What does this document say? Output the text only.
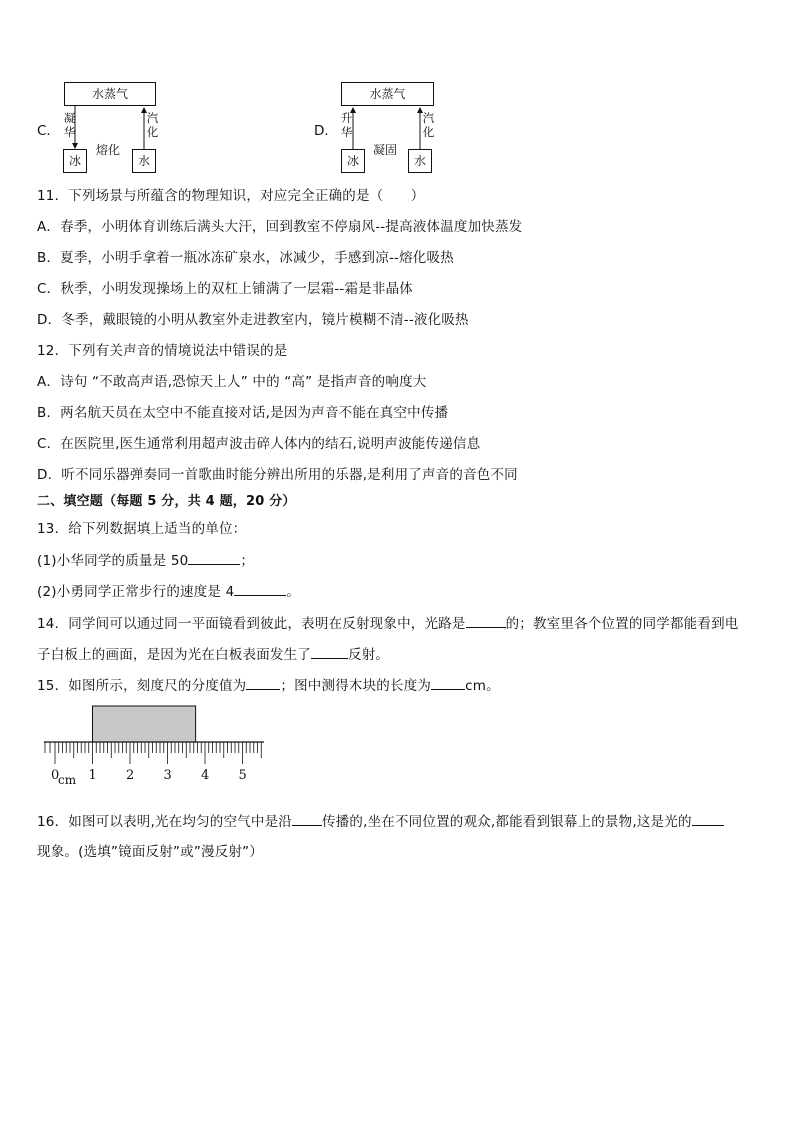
C．
水蒸气
冰	水
凝
华
汽
化
熔化
D．
水蒸气
冰	水
升
华
汽
化
凝固
11．下列场景与所蕴含的物理知识，对应完全正确的是（　　）
A．春季，小明体育训练后满头大汗，回到教室不停扇风--提高液体温度加快蒸发
B．夏季，小明手拿着一瓶冰冻矿泉水，冰减少，手感到凉--熔化吸热
C．秋季，小明发现操场上的双杠上铺满了一层霜--霜是非晶体
D．冬季，戴眼镜的小明从教室外走进教室内，镜片模糊不清--液化吸热
12．下列有关声音的情境说法中错误的是
A．诗句 “不敢高声语,恐惊天上人” 中的 “高” 是指声音的响度大
B．两名航天员在太空中不能直接对话,是因为声音不能在真空中传播
C．在医院里,医生通常利用超声波击碎人体内的结石,说明声波能传递信息
D．听不同乐器弹奏同一首歌曲时能分辨出所用的乐器,是利用了声音的音色不同
二、填空题（每题 5 分，共 4 题，20 分）
13．给下列数据填上适当的单位：
(1)小华同学的质量是 50	；
(2)小勇同学正常步行的速度是 4	。
14．同学间可以通过同一平面镜看到彼此，表明在反射现象中，光路是	的；教室里各个位置的同学都能看到电
子白板上的画面，是因为光在白板表面发生了	反射。
15．如图所示，刻度尺的分度值为	；图中测得木块的长度为	cm。
0 1 2 3 4 5
cm
16．如图可以表明,光在均匀的空气中是沿 传播的,坐在不同位置的观众,都能看到银幕上的景物,这是光的
现象。(选填”镜面反射”或”漫反射”）
